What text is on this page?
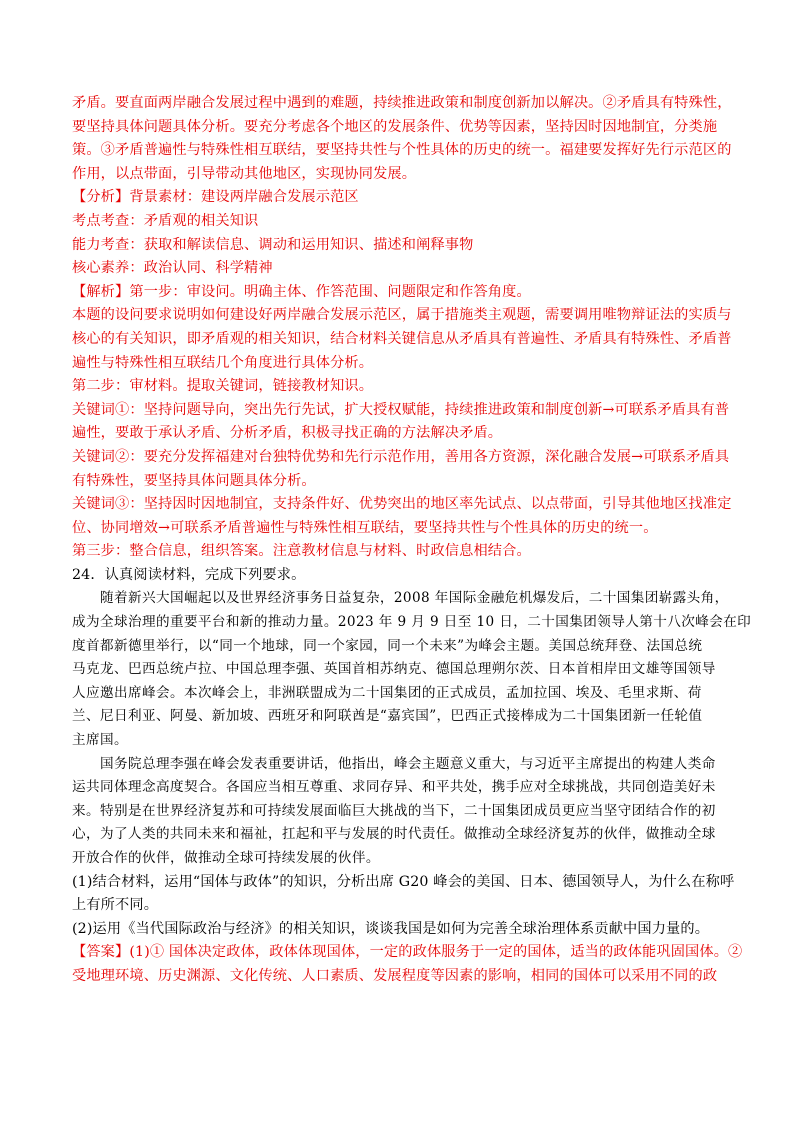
矛盾。要直面两岸融合发展过程中遇到的难题，持续推进政策和制度创新加以解决。②矛盾具有特殊性，
要坚持具体问题具体分析。要充分考虑各个地区的发展条件、优势等因素，坚持因时因地制宜，分类施
策。③矛盾普遍性与特殊性相互联结，要坚持共性与个性具体的历史的统一。福建要发挥好先行示范区的
作用，以点带面，引导带动其他地区，实现协同发展。
【分析】背景素材：建设两岸融合发展示范区
考点考查：矛盾观的相关知识
能力考查：获取和解读信息、调动和运用知识、描述和阐释事物
核心素养：政治认同、科学精神
【解析】第一步：审设问。明确主体、作答范围、问题限定和作答角度。
本题的设问要求说明如何建设好两岸融合发展示范区，属于措施类主观题，需要调用唯物辩证法的实质与
核心的有关知识，即矛盾观的相关知识，结合材料关键信息从矛盾具有普遍性、矛盾具有特殊性、矛盾普
遍性与特殊性相互联结几个角度进行具体分析。
第二步：审材料。提取关键词，链接教材知识。
关键词①：坚持问题导向，突出先行先试，扩大授权赋能，持续推进政策和制度创新→可联系矛盾具有普
遍性，要敢于承认矛盾、分析矛盾，积极寻找正确的方法解决矛盾。
关键词②：要充分发挥福建对台独特优势和先行示范作用，善用各方资源，深化融合发展→可联系矛盾具
有特殊性，要坚持具体问题具体分析。
关键词③：坚持因时因地制宜，支持条件好、优势突出的地区率先试点、以点带面，引导其他地区找准定
位、协同增效→可联系矛盾普遍性与特殊性相互联结，要坚持共性与个性具体的历史的统一。
第三步：整合信息，组织答案。注意教材信息与材料、时政信息相结合。
24．认真阅读材料，完成下列要求。
随着新兴大国崛起以及世界经济事务日益复杂，2008 年国际金融危机爆发后，二十国集团崭露头角，
成为全球治理的重要平台和新的推动力量。2023 年 9 月 9 日至 10 日，二十国集团领导人第十八次峰会在印
度首都新德里举行，以“同一个地球，同一个家园，同一个未来”为峰会主题。美国总统拜登、法国总统
马克龙、巴西总统卢拉、中国总理李强、英国首相苏纳克、德国总理朔尔茨、日本首相岸田文雄等国领导
人应邀出席峰会。本次峰会上，非洲联盟成为二十国集团的正式成员，孟加拉国、埃及、毛里求斯、荷
兰、尼日利亚、阿曼、新加坡、西班牙和阿联酋是“嘉宾国”，巴西正式接棒成为二十国集团新一任轮值
主席国。
国务院总理李强在峰会发表重要讲话，他指出，峰会主题意义重大，与习近平主席提出的构建人类命
运共同体理念高度契合。各国应当相互尊重、求同存异、和平共处，携手应对全球挑战，共同创造美好未
来。特别是在世界经济复苏和可持续发展面临巨大挑战的当下，二十国集团成员更应当坚守团结合作的初
心，为了人类的共同未来和福祉，扛起和平与发展的时代责任。做推动全球经济复苏的伙伴，做推动全球
开放合作的伙伴，做推动全球可持续发展的伙伴。
(1)结合材料，运用“国体与政体”的知识，分析出席 G20 峰会的美国、日本、德国领导人，为什么在称呼
上有所不同。
(2)运用《当代国际政治与经济》的相关知识，谈谈我国是如何为完善全球治理体系贡献中国力量的。
【答案】(1)① 国体决定政体，政体体现国体，一定的政体服务于一定的国体，适当的政体能巩固国体。②
受地理环境、历史渊源、文化传统、人口素质、发展程度等因素的影响，相同的国体可以采用不同的政
